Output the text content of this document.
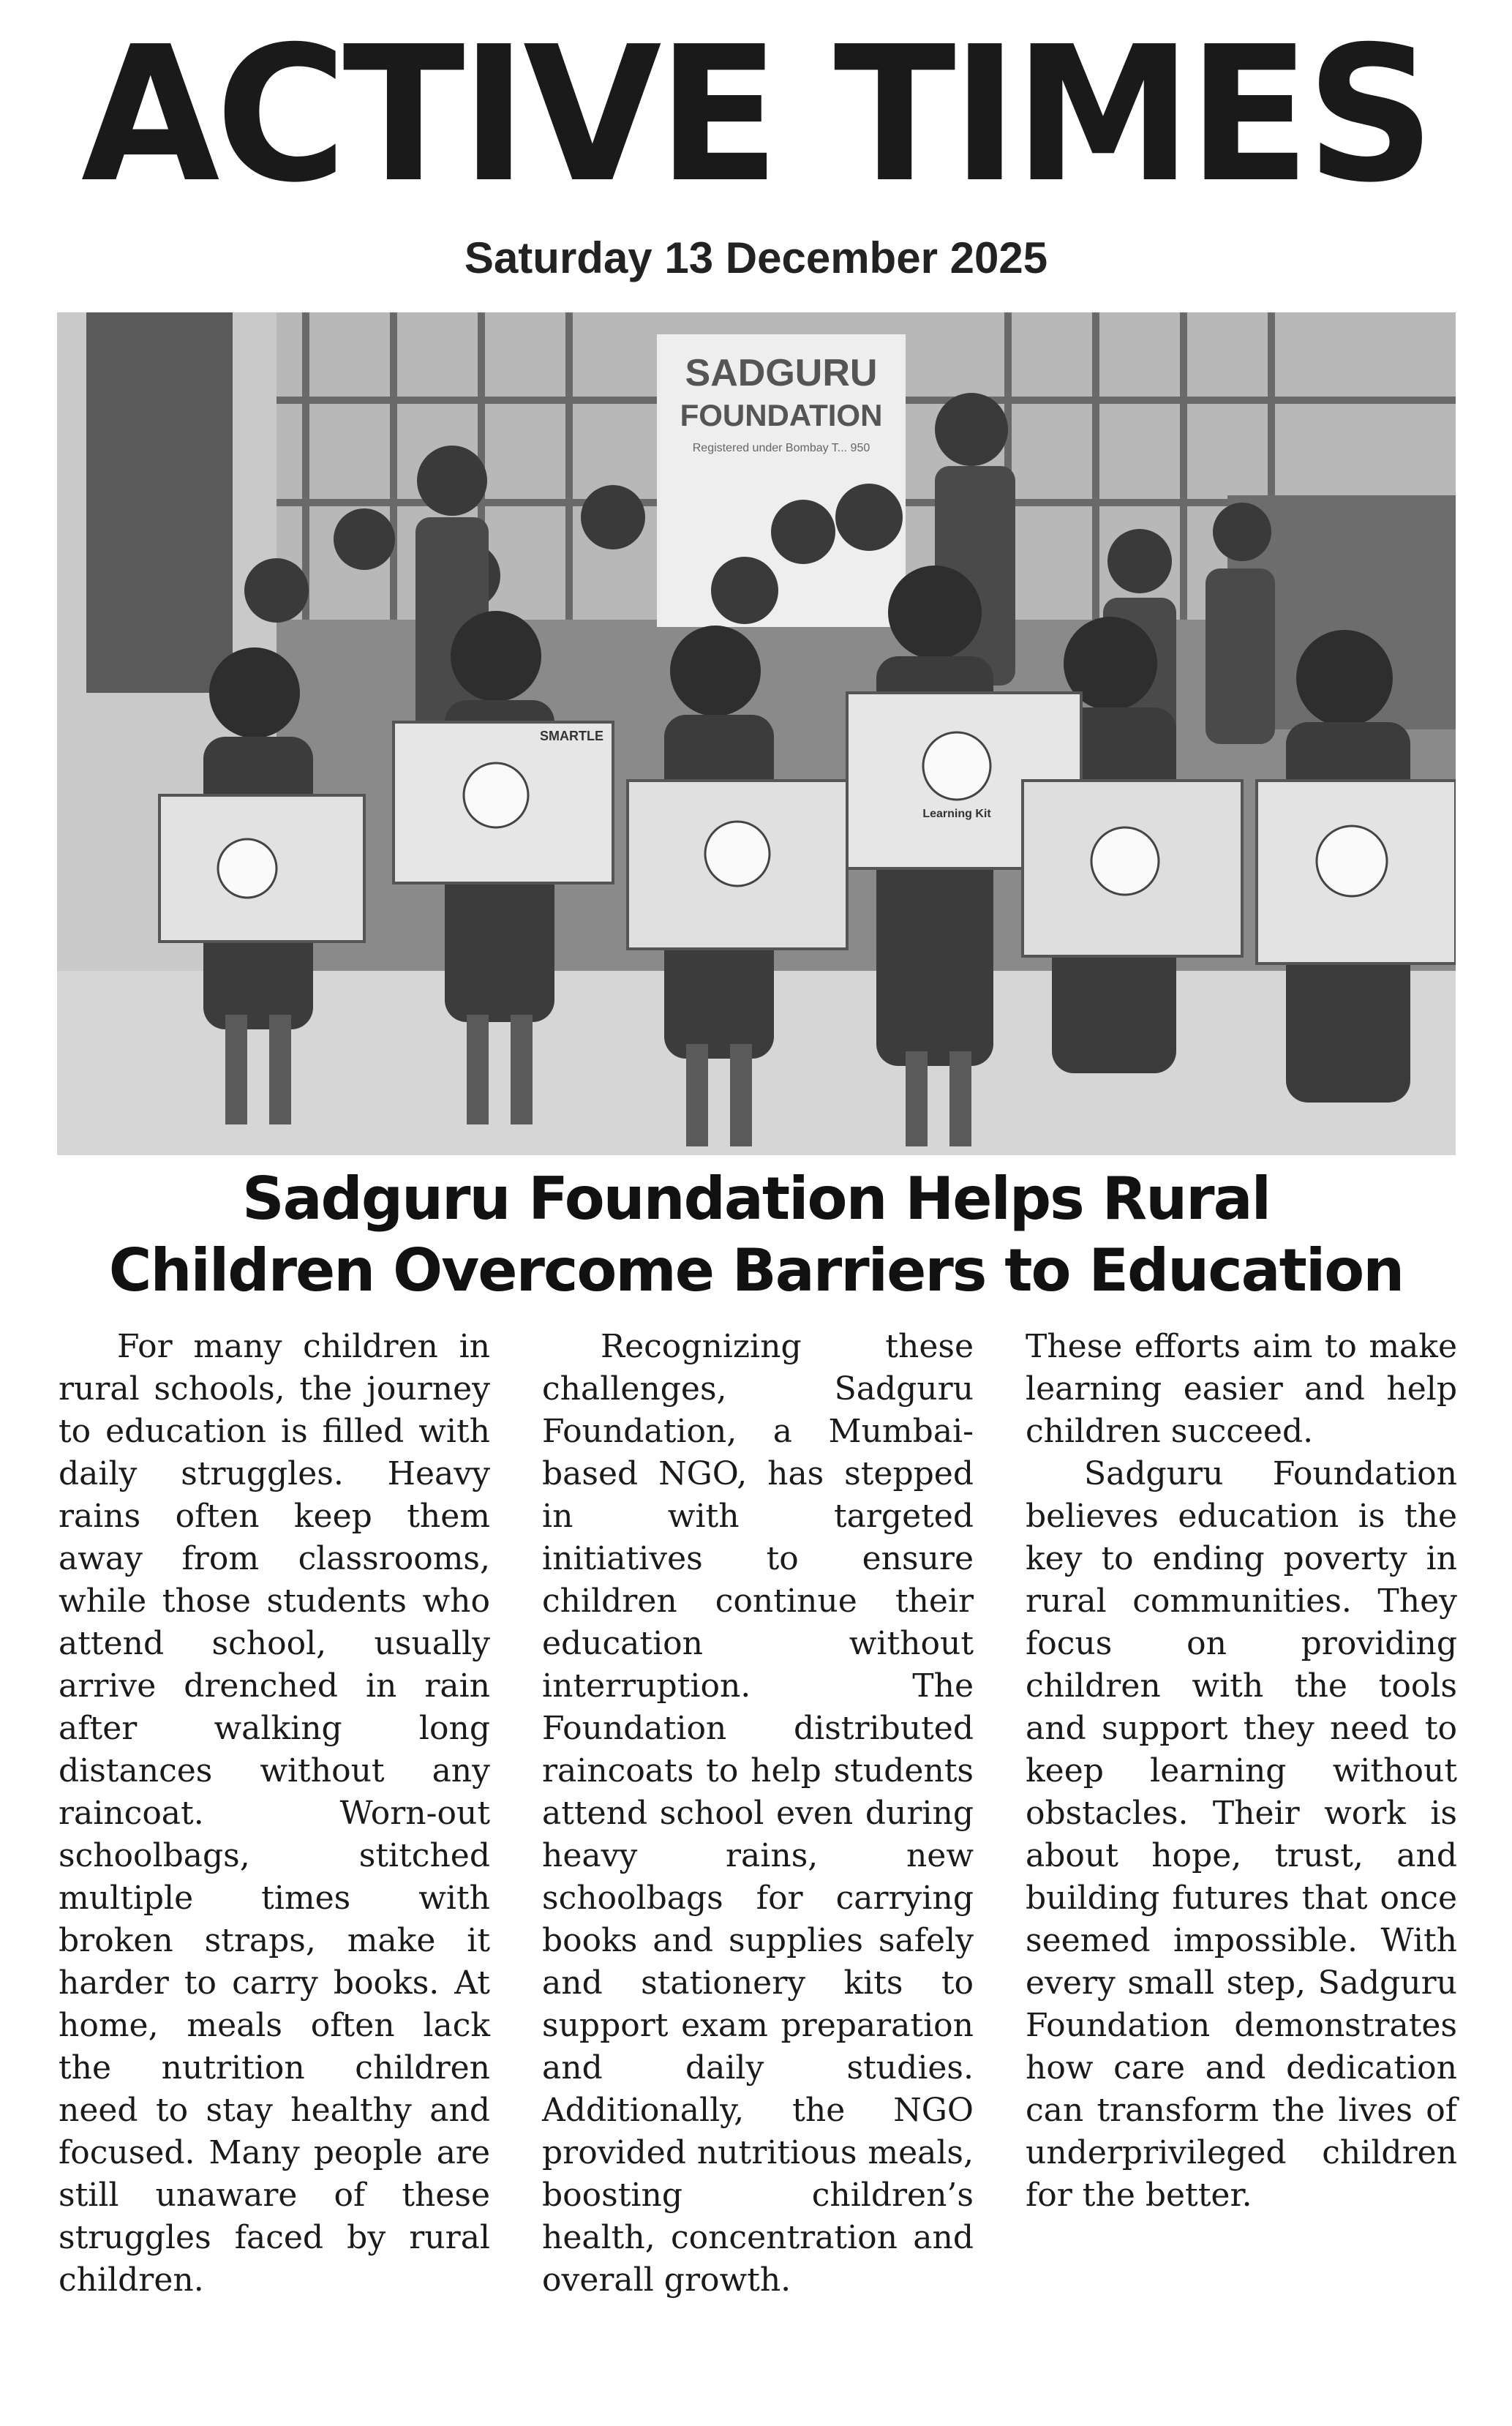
ACTIVE TIMES
Saturday 13 December 2025
SADGURU
FOUNDATION
Registered under Bombay T... 950
SMARTLE
Learning Kit
Sadguru Foundation Helps Rural
Children Overcome Barriers to Education

For many children in rural schools, the journey to education is filled with daily struggles. Heavy rains often keep them away from classrooms, while those students who attend school, usually arrive drenched in rain after walking long distances without any raincoat. Worn-out schoolbags, stitched multiple times with broken straps, make it harder to carry books. At home, meals often lack the nutrition children need to stay healthy and focused. Many people are still unaware of these struggles faced by rural children.

Recognizing these challenges, Sadguru Foundation, a Mumbai-based NGO, has stepped in with targeted initiatives to ensure children continue their education without interruption. The Foundation distributed raincoats to help students attend school even during heavy rains, new schoolbags for carrying books and supplies safely and stationery kits to support exam preparation and daily studies. Additionally, the NGO provided nutritious meals, boosting children’s health, concentration and overall growth.

These efforts aim to make learning easier and help children succeed.

Sadguru Foundation believes education is the key to ending poverty in rural communities. They focus on providing children with the tools and support they need to keep learning without obstacles. Their work is about hope, trust, and building futures that once seemed impossible. With every small step, Sadguru Foundation demonstrates how care and dedication can transform the lives of underprivileged children for the better.
